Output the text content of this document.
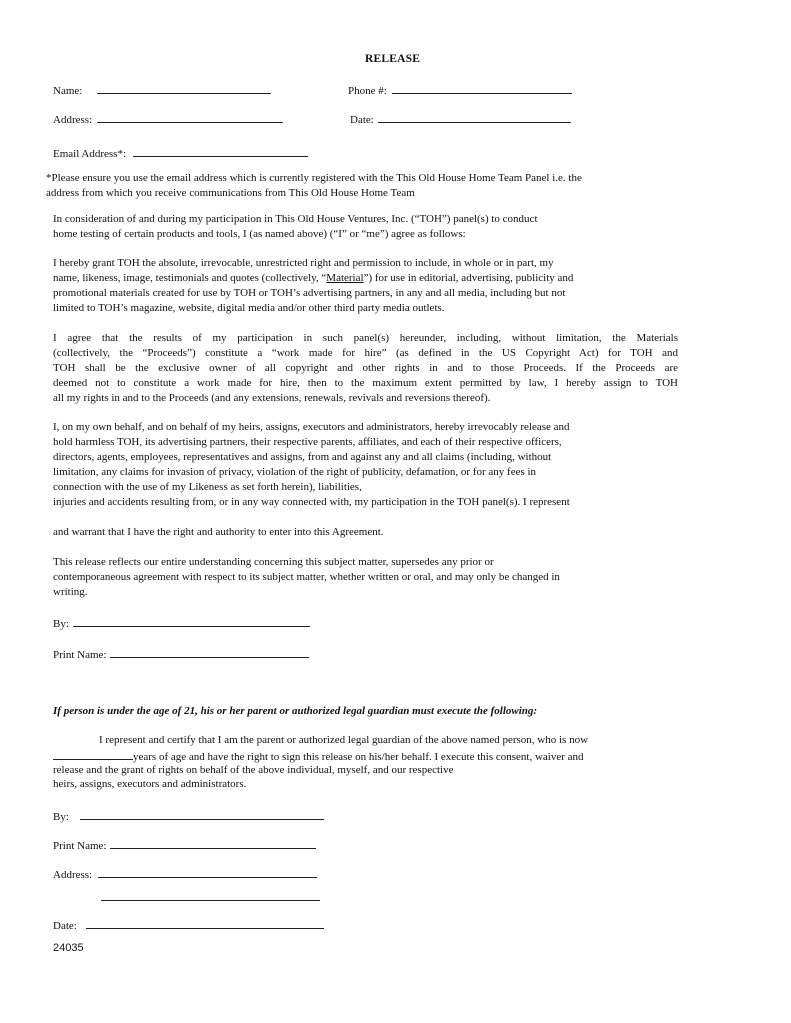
RELEASE
Name:	Phone #:
Address:	Date:
Email Address*:
*Please ensure you use the email address which is currently registered with the This Old House Home Team Panel i.e. the
address from which you receive communications from This Old House Home Team
In consideration of and during my participation in This Old House Ventures, Inc. (“TOH”) panel(s) to conduct
home testing of certain products and tools, I (as named above) (“I” or “me”) agree as follows:
I hereby grant TOH the absolute, irrevocable, unrestricted right and permission to include, in whole or in part, my
name, likeness, image, testimonials and quotes (collectively, “Material”) for use in editorial, advertising, publicity and
promotional materials created for use by TOH or TOH’s advertising partners, in any and all media, including but not
limited to TOH’s magazine, website, digital media and/or other third party media outlets.
I agree that the results of my participation in such panel(s) hereunder, including, without limitation, the Materials
(collectively, the “Proceeds”) constitute a “work made for hire” (as defined in the US Copyright Act) for TOH and
TOH shall be the exclusive owner of all copyright and other rights in and to those Proceeds. If the Proceeds are
deemed not to constitute a work made for hire, then to the maximum extent permitted by law, I hereby assign to TOH
all my rights in and to the Proceeds (and any extensions, renewals, revivals and reversions thereof).
I, on my own behalf, and on behalf of my heirs, assigns, executors and administrators, hereby irrevocably release and
hold harmless TOH, its advertising partners, their respective parents, affiliates, and each of their respective officers,
directors, agents, employees, representatives and assigns, from and against any and all claims (including, without
limitation, any claims for invasion of privacy, violation of the right of publicity, defamation, or for any fees in
connection with the use of my Likeness as set forth herein), liabilities,
injuries and accidents resulting from, or in any way connected with, my participation in the TOH panel(s). I represent
and warrant that I have the right and authority to enter into this Agreement.
This release reflects our entire understanding concerning this subject matter, supersedes any prior or
contemporaneous agreement with respect to its subject matter, whether written or oral, and may only be changed in
writing.
By:
Print Name:
If person is under the age of 21, his or her parent or authorized legal guardian must execute the following:
I represent and certify that I am the parent or authorized legal guardian of the above named person, who is now
years of age and have the right to sign this release on his/her behalf. I execute this consent, waiver and
release and the grant of rights on behalf of the above individual, myself, and our respective
heirs, assigns, executors and administrators.
By:
Print Name:
Address:
Date:
24035
